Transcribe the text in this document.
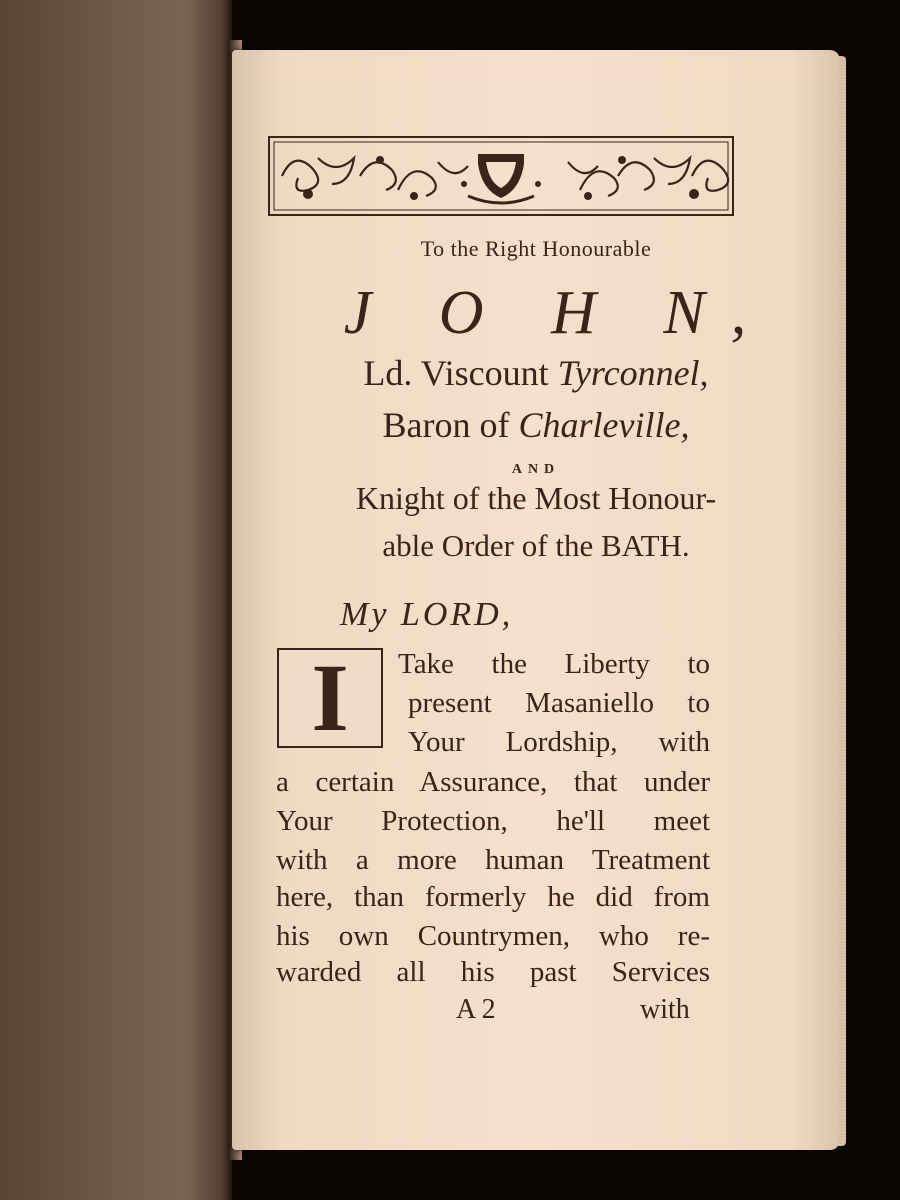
To the Right Honourable
J O H N,
Ld. Viscount Tyrconnel,
Baron of Charleville,
AND
Knight of the Most Honour-
able Order of the BATH.
My LORD,
I	Take the Liberty to
present Masaniello to
Your Lordship, with
a certain Assurance, that under
Your Protection, he'll meet
with a more human Treatment
here, than formerly he did from
his own Countrymen, who re-
warded all his past Services
A 2	with
